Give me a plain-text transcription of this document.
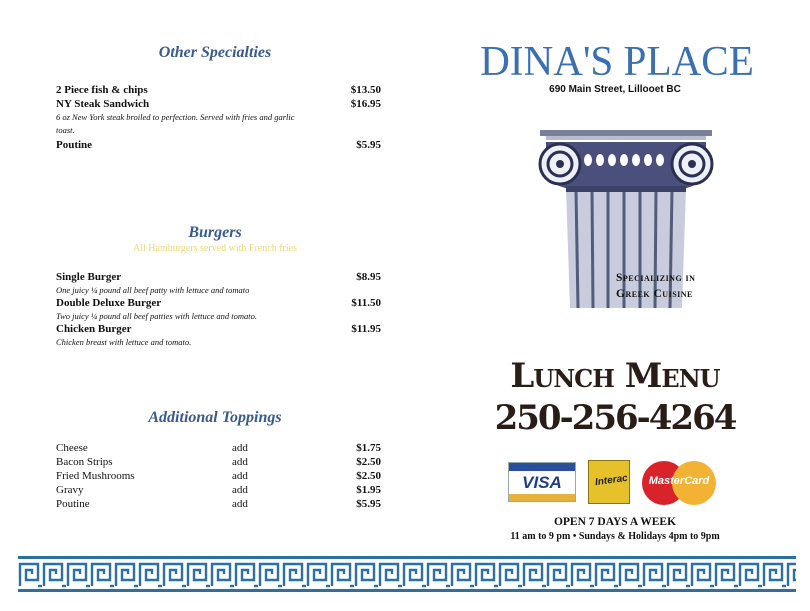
Other Specialties
2 Piece fish & chips	$13.50
NY Steak Sandwich	$16.95
6 oz New York steak broiled to perfection. Served with fries and garlic toast.
Poutine	$5.95
Burgers
All Hamburgers served with French fries
Single Burger	$8.95
One juicy ¼ pound all beef patty with lettuce and tomato
Double Deluxe Burger	$11.50
Two juicy ¼ pound all beef patties with lettuce and tomato.
Chicken Burger	$11.95
Chicken breast with lettuce and tomato.
Additional Toppings
Cheese	add	$1.75
Bacon Strips	add	$2.50
Fried Mushrooms	add	$2.50
Gravy	add	$1.95
Poutine	add	$5.95
DINA'S PLACE
690 Main Street, Lillooet BC
Specializing in
Greek Cuisine
Lunch Menu
250-256-4264
VISA	Interac	MasterCard
OPEN 7 DAYS A WEEK
11 am to 9 pm • Sundays & Holidays 4pm to 9pm
